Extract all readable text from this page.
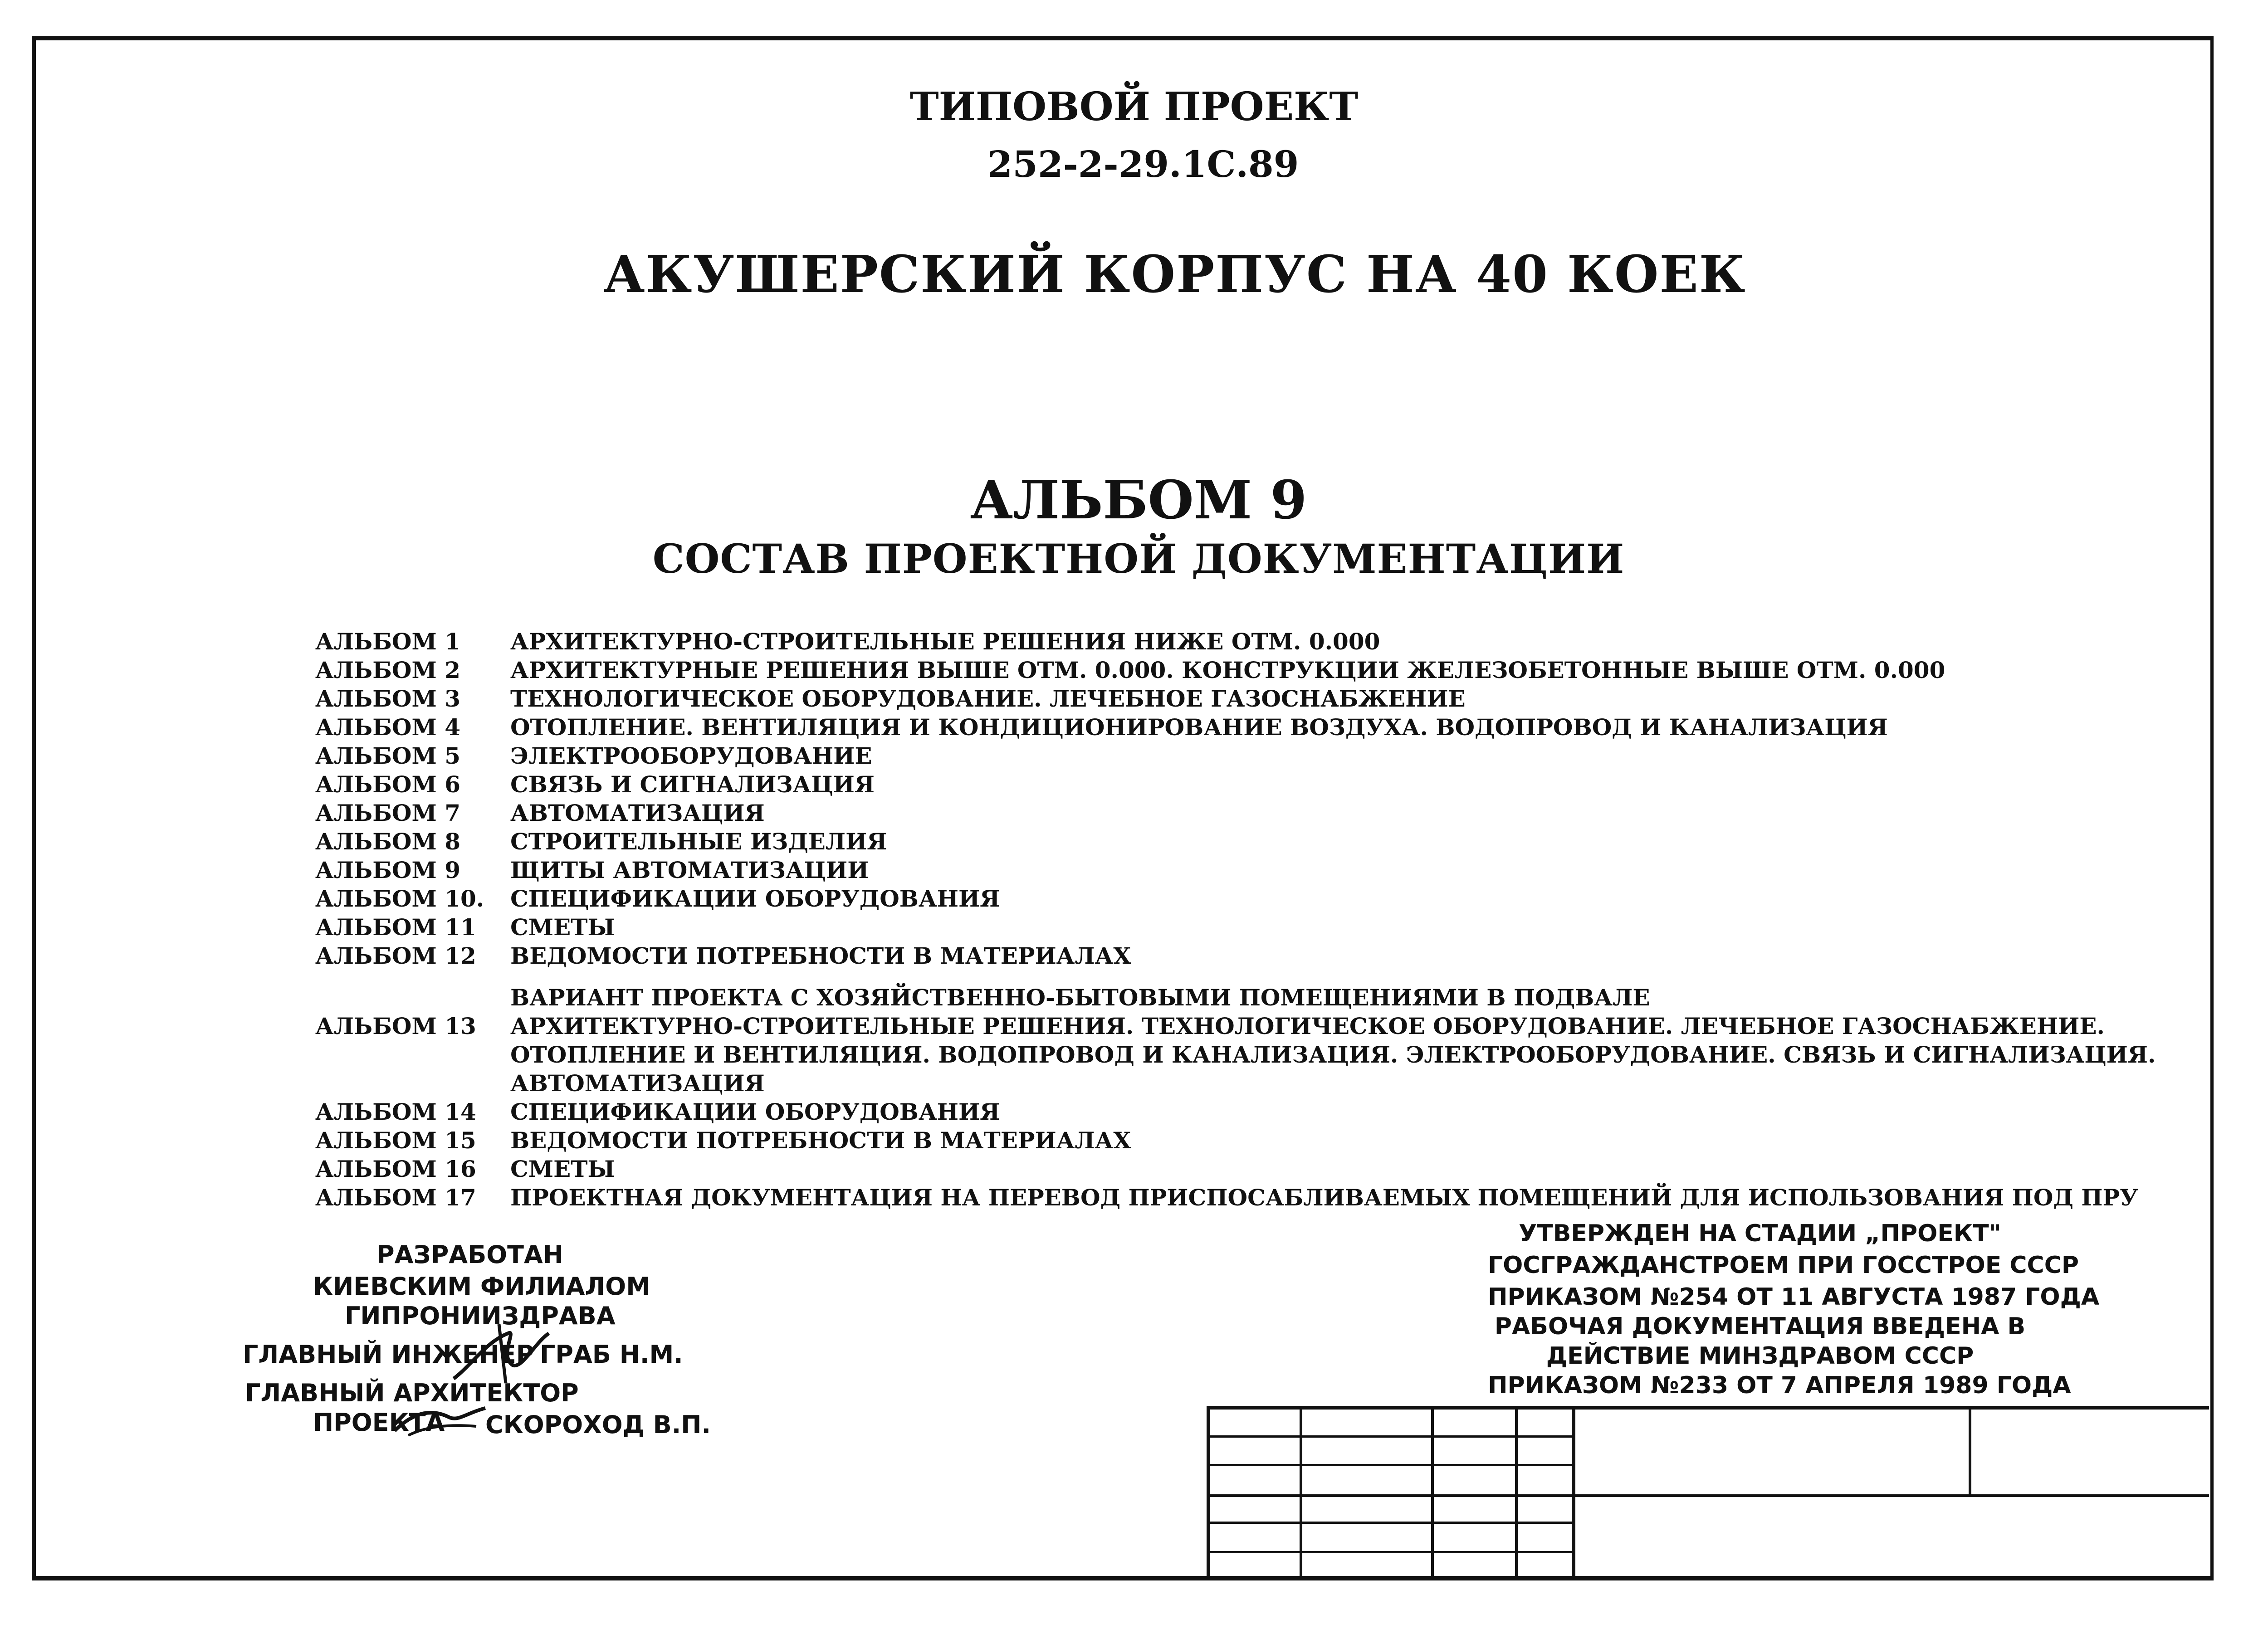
ТИПОВОЙ ПРОЕКТ
252-2-29.1С.89
АКУШЕРСКИЙ КОРПУС НА 40 КОЕК
АЛЬБОМ 9
СОСТАВ ПРОЕКТНОЙ ДОКУМЕНТАЦИИ
АЛЬБОМ 1 АРХИТЕКТУРНО-СТРОИТЕЛЬНЫЕ РЕШЕНИЯ НИЖЕ ОТМ. 0.000
АЛЬБОМ 2 АРХИТЕКТУРНЫЕ РЕШЕНИЯ ВЫШЕ ОТМ. 0.000. КОНСТРУКЦИИ ЖЕЛЕЗОБЕТОННЫЕ ВЫШЕ ОТМ. 0.000
АЛЬБОМ 3 ТЕХНОЛОГИЧЕСКОЕ ОБОРУДОВАНИЕ. ЛЕЧЕБНОЕ ГАЗОСНАБЖЕНИЕ
АЛЬБОМ 4 ОТОПЛЕНИЕ. ВЕНТИЛЯЦИЯ И КОНДИЦИОНИРОВАНИЕ ВОЗДУХА. ВОДОПРОВОД И КАНАЛИЗАЦИЯ
АЛЬБОМ 5 ЭЛЕКТРООБОРУДОВАНИЕ
АЛЬБОМ 6 СВЯЗЬ И СИГНАЛИЗАЦИЯ
АЛЬБОМ 7 АВТОМАТИЗАЦИЯ
АЛЬБОМ 8 СТРОИТЕЛЬНЫЕ ИЗДЕЛИЯ
АЛЬБОМ 9 ЩИТЫ АВТОМАТИЗАЦИИ
АЛЬБОМ 10. СПЕЦИФИКАЦИИ ОБОРУДОВАНИЯ
АЛЬБОМ 11 СМЕТЫ
АЛЬБОМ 12 ВЕДОМОСТИ ПОТРЕБНОСТИ В МАТЕРИАЛАХ
ВАРИАНТ ПРОЕКТА С ХОЗЯЙСТВЕННО-БЫТОВЫМИ ПОМЕЩЕНИЯМИ В ПОДВАЛЕ
АЛЬБОМ 13 АРХИТЕКТУРНО-СТРОИТЕЛЬНЫЕ РЕШЕНИЯ. ТЕХНОЛОГИЧЕСКОЕ ОБОРУДОВАНИЕ. ЛЕЧЕБНОЕ ГАЗОСНАБЖЕНИЕ.
ОТОПЛЕНИЕ И ВЕНТИЛЯЦИЯ. ВОДОПРОВОД И КАНАЛИЗАЦИЯ. ЭЛЕКТРООБОРУДОВАНИЕ. СВЯЗЬ И СИГНАЛИЗАЦИЯ.
АВТОМАТИЗАЦИЯ
АЛЬБОМ 14 СПЕЦИФИКАЦИИ ОБОРУДОВАНИЯ
АЛЬБОМ 15 ВЕДОМОСТИ ПОТРЕБНОСТИ В МАТЕРИАЛАХ
АЛЬБОМ 16 СМЕТЫ
АЛЬБОМ 17 ПРОЕКТНАЯ ДОКУМЕНТАЦИЯ НА ПЕРЕВОД ПРИСПОСАБЛИВАЕМЫХ ПОМЕЩЕНИЙ ДЛЯ ИСПОЛЬЗОВАНИЯ ПОД ПРУ
РАЗРАБОТАН
КИЕВСКИМ ФИЛИАЛОМ
ГИПРОНИИЗДРАВА
ГЛАВНЫЙ ИНЖЕНЕР ГРАБ Н.М.
ГЛАВНЫЙ АРХИТЕКТОР
ПРОЕКТА СКОРОХОД В.П.
УТВЕРЖДЕН НА СТАДИИ „ПРОЕКТ"
ГОСГРАЖДАНСТРОЕМ ПРИ ГОССТРОЕ СССР
ПРИКАЗОМ №254 ОТ 11 АВГУСТА 1987 ГОДА
РАБОЧАЯ ДОКУМЕНТАЦИЯ ВВЕДЕНА В
ДЕЙСТВИЕ МИНЗДРАВОМ СССР
ПРИКАЗОМ №233 ОТ 7 АПРЕЛЯ 1989 ГОДА
